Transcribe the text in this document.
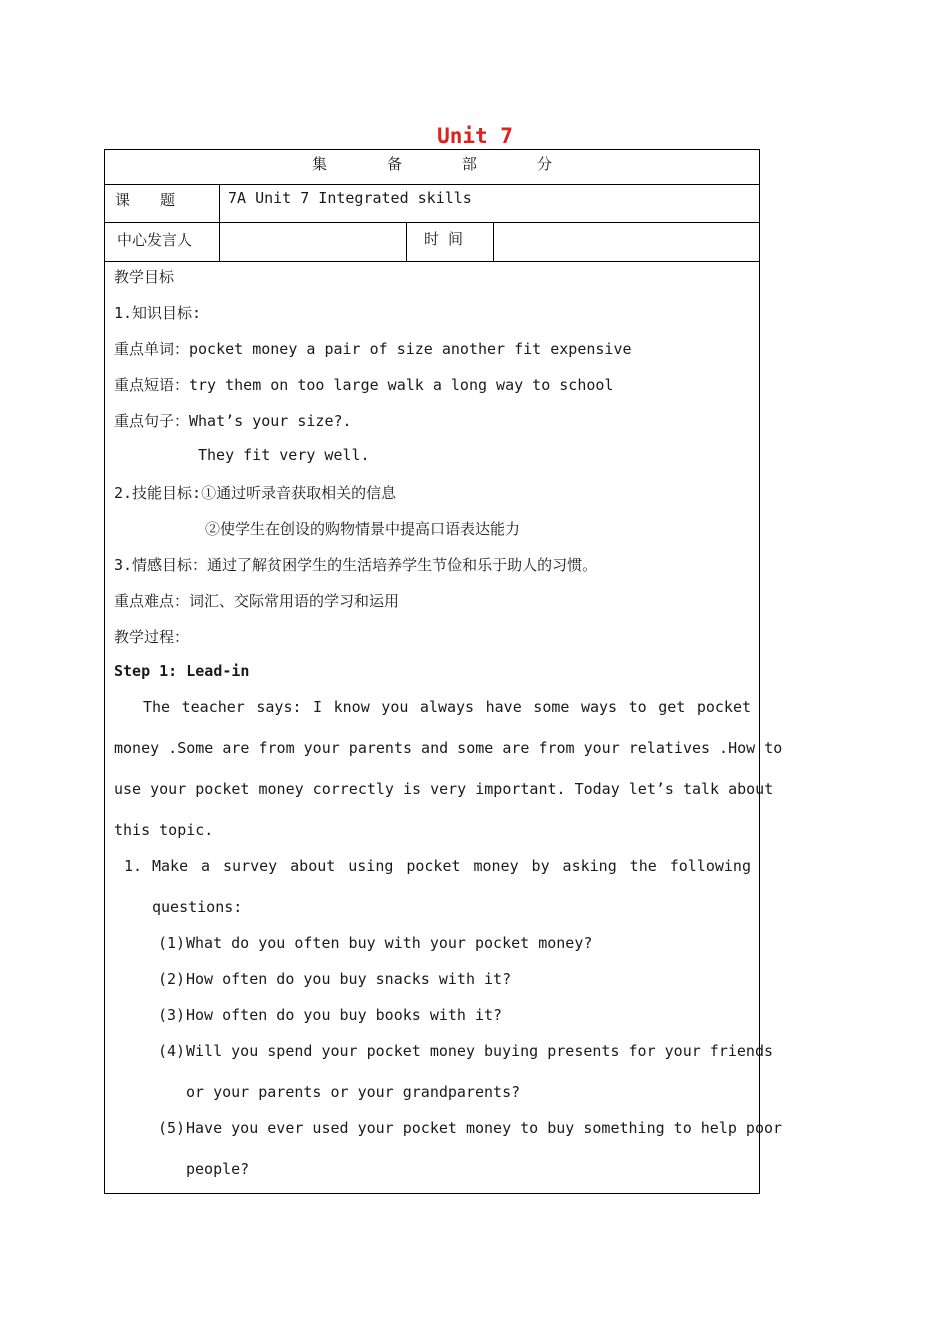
Unit 7
集	备	部	分
课　　题	7A Unit 7 Integrated skills
中心发言人	时 间
教学目标
1.知识目标:
重点单词：pocket money a pair of size another fit expensive
重点短语：try them on too large walk a long way to school
重点句子：What’s your size?.
They fit very well.
2.技能目标:①通过听录音获取相关的信息
②使学生在创设的购物情景中提高口语表达能力
3.情感目标：通过了解贫困学生的生活培养学生节俭和乐于助人的习惯。
重点难点：词汇、交际常用语的学习和运用
教学过程：
Step 1: Lead-in
The teacher says: I know you always have some ways to get pocket
money .Some are from your parents and some are from your relatives .How to
use your pocket money correctly is very important. Today let’s talk about
this topic.
1. Make a survey about using pocket money by asking the following
questions:
(1) What do you often buy with your pocket money?
(2) How often do you buy snacks with it?
(3) How often do you buy books with it?
(4) Will you spend your pocket money buying presents for your friends
or your parents or your grandparents?
(5) Have you ever used your pocket money to buy something to help poor
people?
